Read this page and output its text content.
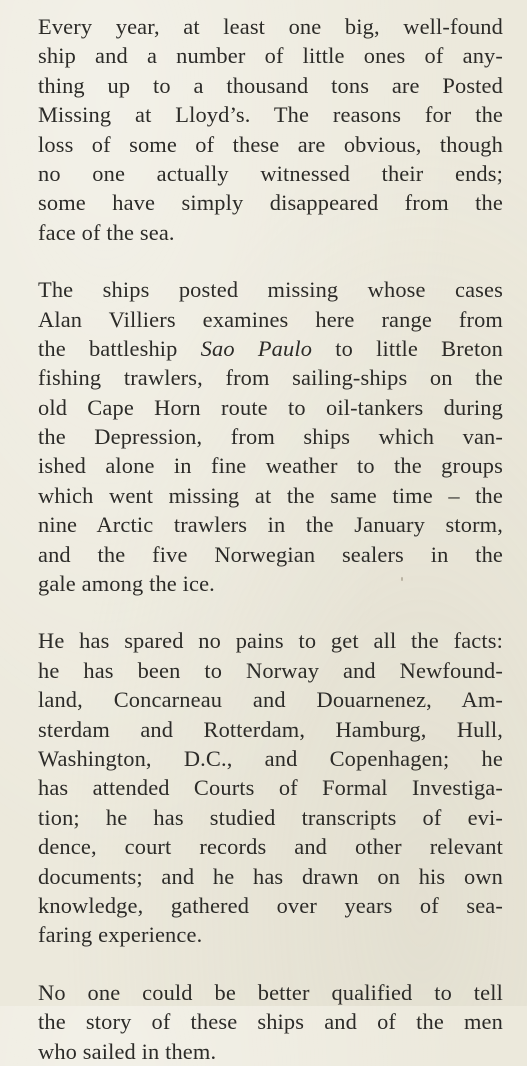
Every year, at least one big, well-found
ship and a number of little ones of any-
thing up to a thousand tons are Posted
Missing at Lloyd’s. The reasons for the
loss of some of these are obvious, though
no one actually witnessed their ends;
some have simply disappeared from the
face of the sea.
The ships posted missing whose cases
Alan Villiers examines here range from
the battleship Sao Paulo to little Breton
fishing trawlers, from sailing-ships on the
old Cape Horn route to oil-tankers during
the Depression, from ships which van-
ished alone in fine weather to the groups
which went missing at the same time – the
nine Arctic trawlers in the January storm,
and the five Norwegian sealers in the
gale among the ice.
He has spared no pains to get all the facts:
he has been to Norway and Newfound-
land, Concarneau and Douarnenez, Am-
sterdam and Rotterdam, Hamburg, Hull,
Washington, D.C., and Copenhagen; he
has attended Courts of Formal Investiga-
tion; he has studied transcripts of evi-
dence, court records and other relevant
documents; and he has drawn on his own
knowledge, gathered over years of sea-
faring experience.
No one could be better qualified to tell
the story of these ships and of the men
who sailed in them.
